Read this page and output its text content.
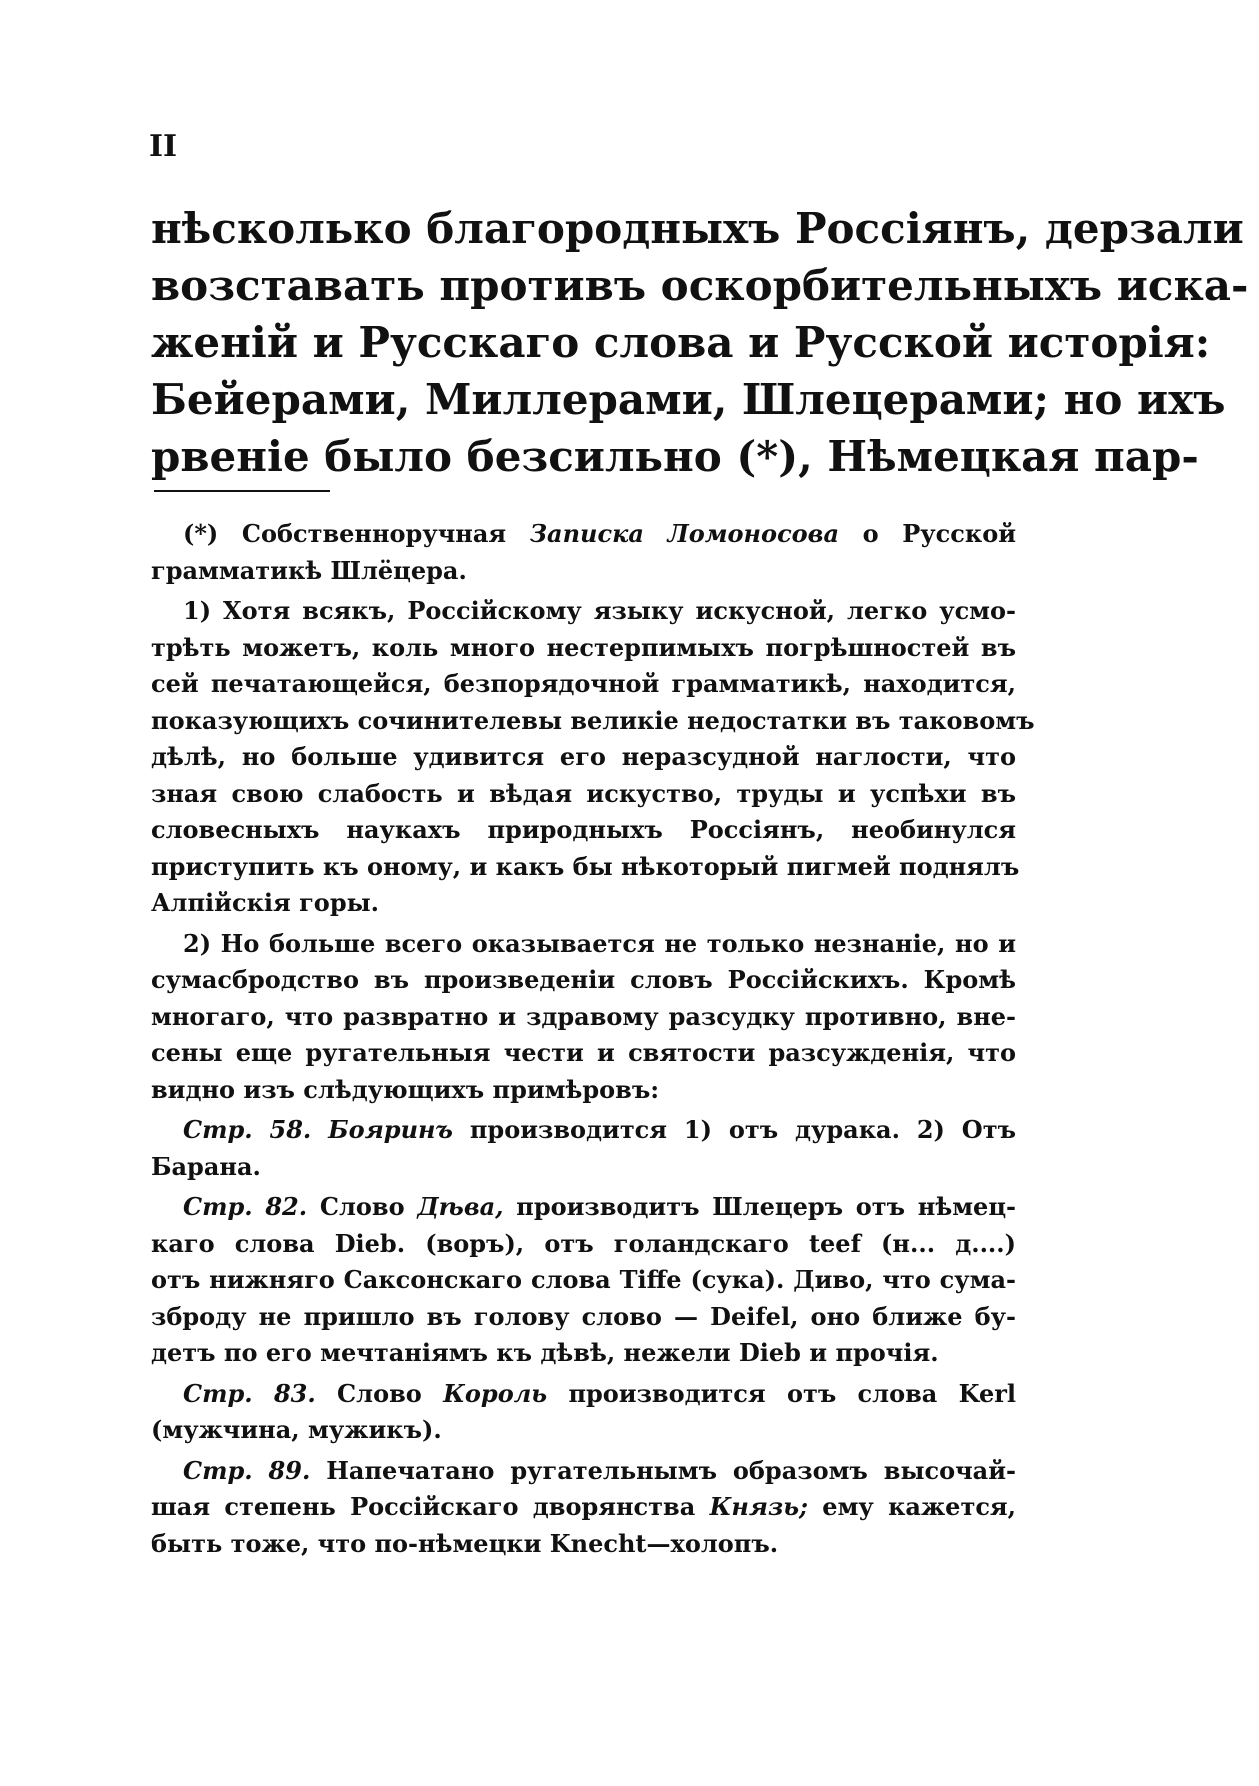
II
нѣсколько благородныхъ Россіянъ, дерзали
возставать противъ оскорбительныхъ иска-
женій и Русскаго слова и Русской исторія:
Бейерами, Миллерами, Шлецерами; но ихъ
рвеніе было безсильно (*), Нѣмецкая пар-
(*) Собственноручная Записка Ломоносова о Русской
грамматикѣ Шлёцера.
1) Хотя всякъ, Россійскому языку искусной, легко усмо-
трѣть можетъ, коль много нестерпимыхъ погрѣшностей въ
сей печатающейся, безпорядочной грамматикѣ, находится,
показующихъ сочинителевы великіе недостатки въ таковомъ
дѣлѣ, но больше удивится его неразсудной наглости, что
зная свою слабость и вѣдая искуство, труды и успѣхи въ
словесныхъ наукахъ природныхъ Россіянъ, необинулся
приступить къ оному, и какъ бы нѣкоторый пигмей поднялъ
Алпійскія горы.
2) Но больше всего оказывается не только незнаніе, но и
сумасбродство въ произведеніи словъ Россійскихъ. Кромѣ
многаго, что развратно и здравому разсудку противно, вне-
сены еще ругательныя чести и святости разсужденія, что
видно изъ слѣдующихъ примѣровъ:
Стр. 58. Бояринъ производится 1) отъ дурака. 2) Отъ
Барана.
Стр. 82. Слово Дѣва, производитъ Шлецеръ отъ нѣмец-
каго слова Dieb. (воръ), отъ голандскаго teef (н... д....)
отъ нижняго Саксонскаго слова Tiffe (сука). Диво, что сума-
зброду не пришло въ голову слово — Deifel, оно ближе бу-
детъ по его мечтаніямъ къ дѣвѣ, нежели Dieb и прочія.
Стр. 83. Слово Король производится отъ слова Kerl
(мужчина, мужикъ).
Стр. 89. Напечатано ругательнымъ образомъ высочай-
шая степень Россійскаго дворянства Князь; ему кажется,
быть тоже, что по-нѣмецки Knecht—холопъ.
